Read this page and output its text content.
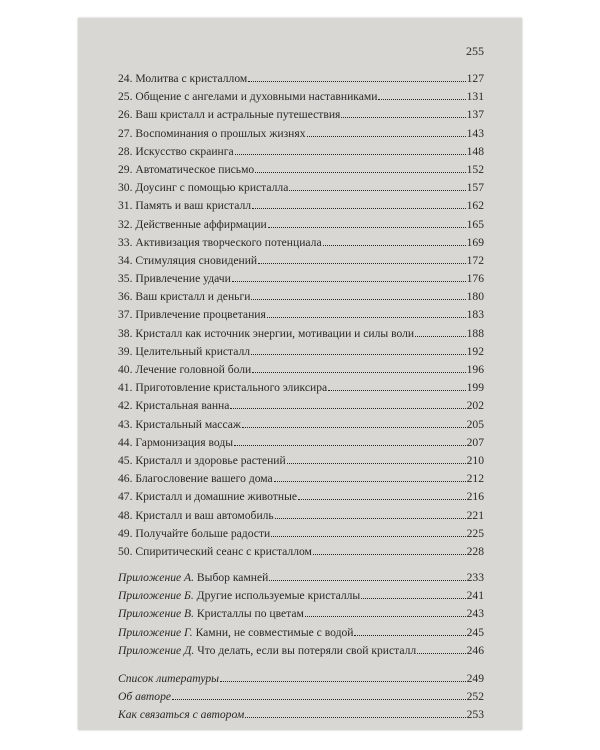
255
24. Молитва с кристаллом	127
25. Общение с ангелами и духовными наставниками	131
26. Ваш кристалл и астральные путешествия	137
27. Воспоминания о прошлых жизнях	143
28. Искусство скраинга	148
29. Автоматическое письмо	152
30. Доусинг с помощью кристалла	157
31. Память и ваш кристалл	162
32. Действенные аффирмации	165
33. Активизация творческого потенциала	169
34. Стимуляция сновидений	172
35. Привлечение удачи	176
36. Ваш кристалл и деньги	180
37. Привлечение процветания	183
38. Кристалл как источник энергии, мотивации и силы воли	188
39. Целительный кристалл	192
40. Лечение головной боли	196
41. Приготовление кристального эликсира	199
42. Кристальная ванна	202
43. Кристальный массаж	205
44. Гармонизация воды	207
45. Кристалл и здоровье растений	210
46. Благословение вашего дома	212
47. Кристалл и домашние животные	216
48. Кристалл и ваш автомобиль	221
49. Получайте больше радости	225
50. Спиритический сеанс с кристаллом	228
Приложение А. Выбор камней	233
Приложение Б. Другие используемые кристаллы	241
Приложение В. Кристаллы по цветам	243
Приложение Г. Камни, не совместимые с водой	245
Приложение Д. Что делать, если вы потеряли свой кристалл	246
Список литературы	249
Об авторе	252
Как связаться с автором	253
